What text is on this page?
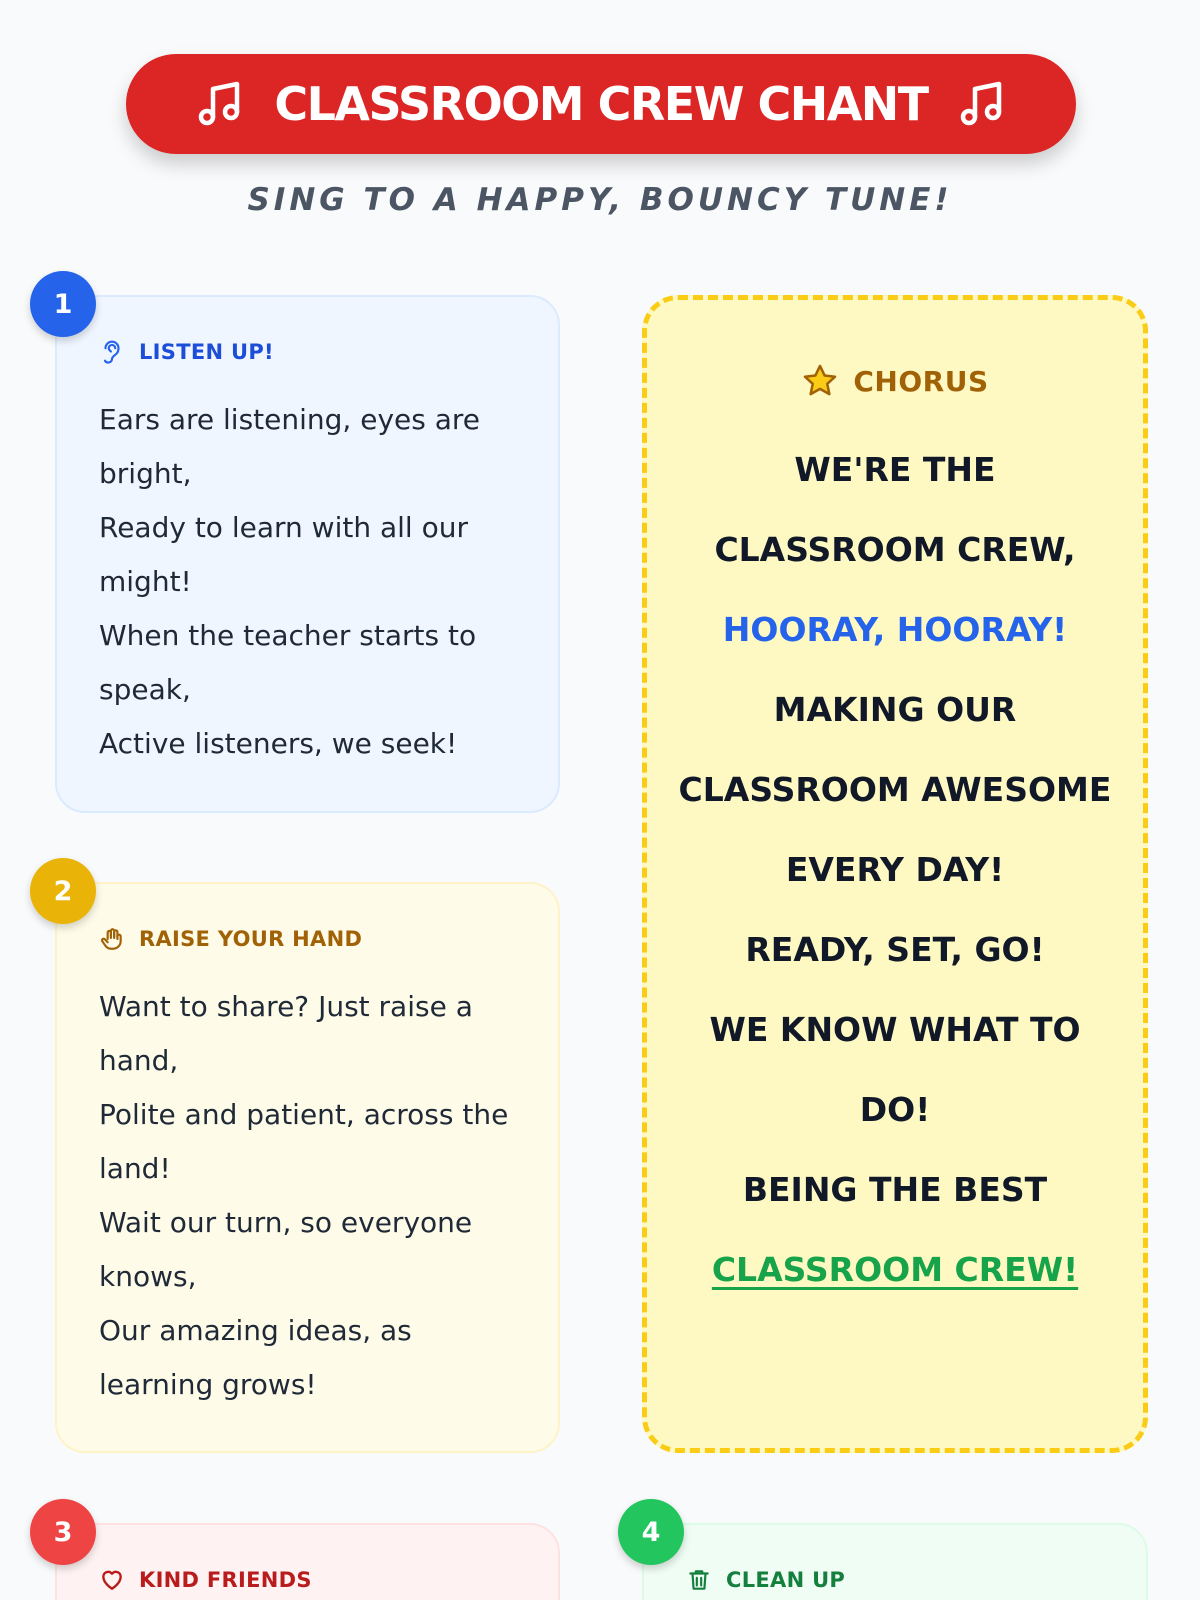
CLASSROOM CREW CHANT
SING TO A HAPPY, BOUNCY TUNE!
LISTEN UP!
Ears are listening, eyes are bright,
Ready to learn with all our might!
When the teacher starts to speak,
Active listeners, we seek!
1
RAISE YOUR HAND
Want to share? Just raise a hand,
Polite and patient, across the land!
Wait our turn, so everyone knows,
Our amazing ideas, as learning grows!
2
CHORUS
WE'RE THE CLASSROOM CREW,
HOORAY, HOORAY!
MAKING OUR CLASSROOM AWESOME EVERY DAY!
READY, SET, GO!
WE KNOW WHAT TO DO!
BEING THE BEST
CLASSROOM CREW!
KIND FRIENDS
3
CLEAN UP
4
